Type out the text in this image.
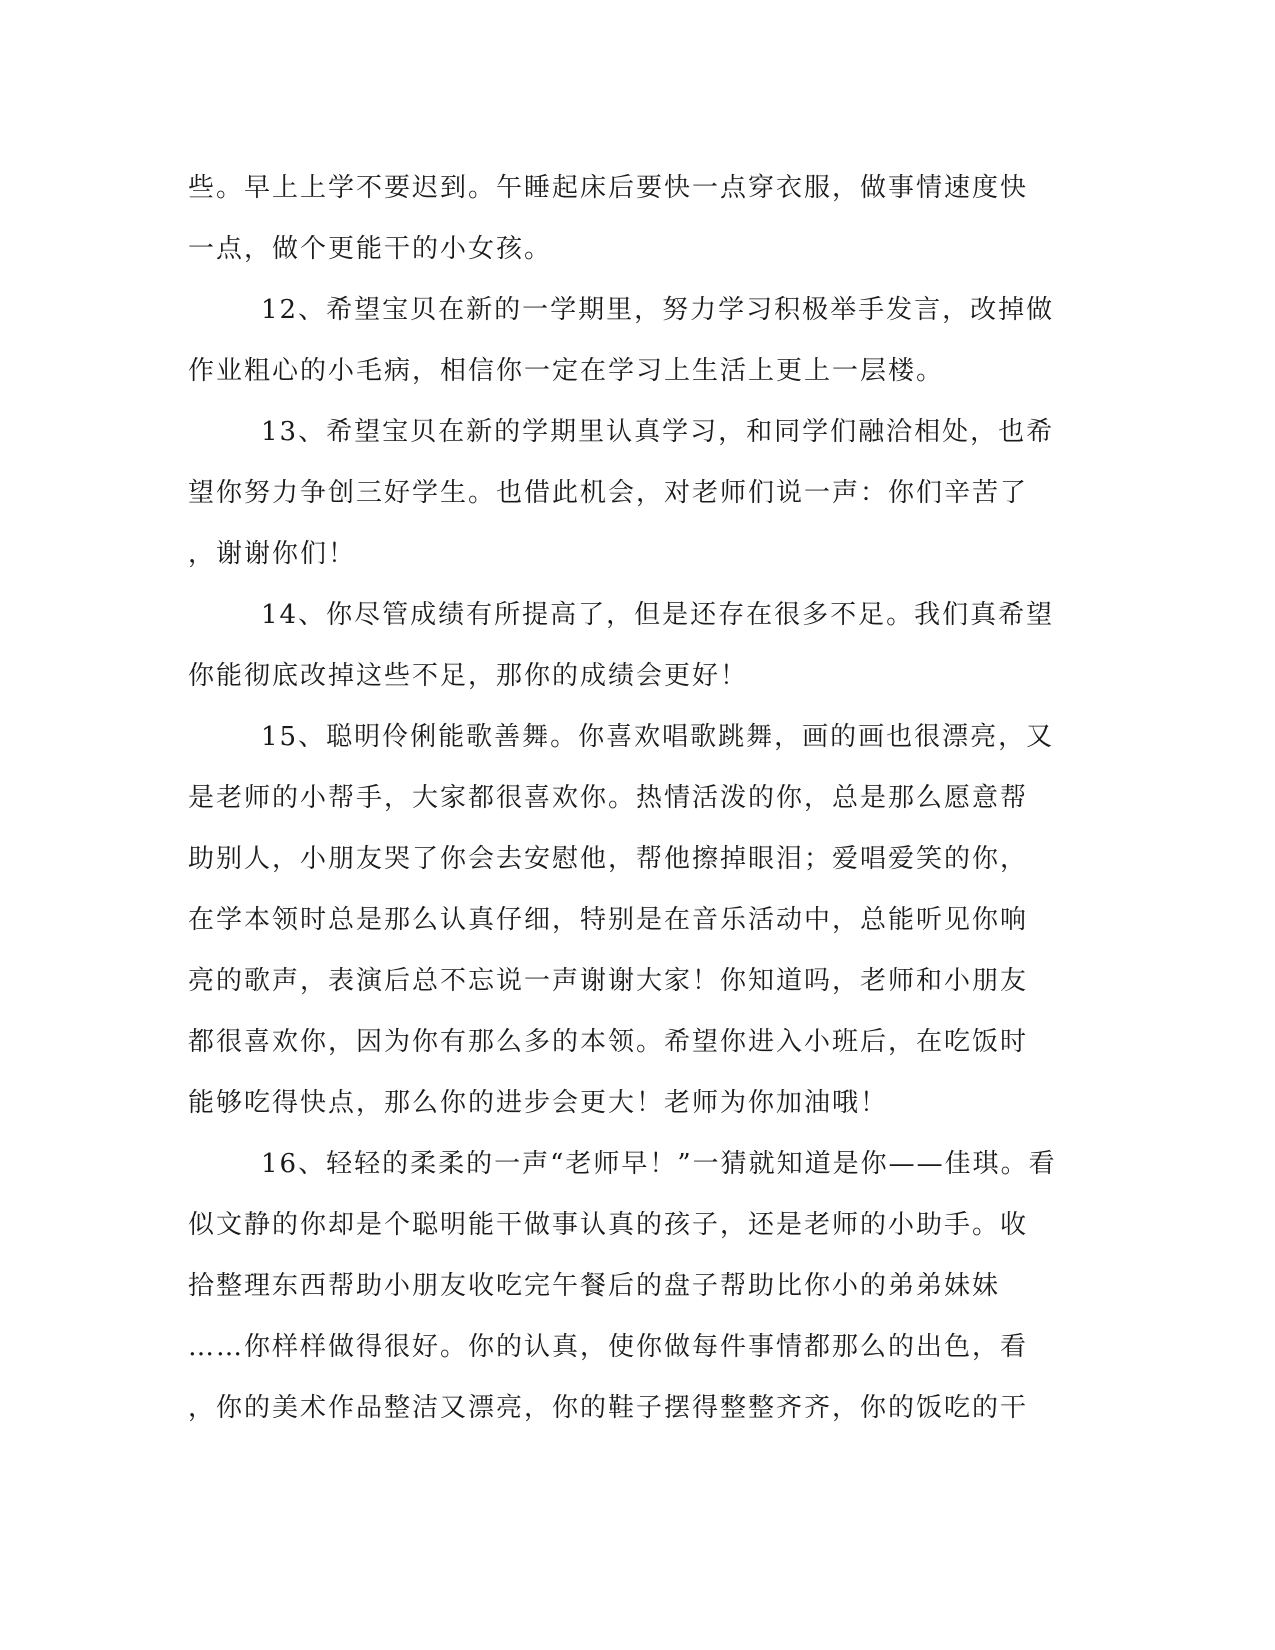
些。早上上学不要迟到。午睡起床后要快一点穿衣服，做事情速度快
一点，做个更能干的小女孩。
12、希望宝贝在新的一学期里，努力学习积极举手发言，改掉做
作业粗心的小毛病，相信你一定在学习上生活上更上一层楼。
13、希望宝贝在新的学期里认真学习，和同学们融洽相处，也希
望你努力争创三好学生。也借此机会，对老师们说一声：你们辛苦了
，谢谢你们！
14、你尽管成绩有所提高了，但是还存在很多不足。我们真希望
你能彻底改掉这些不足，那你的成绩会更好！
15、聪明伶俐能歌善舞。你喜欢唱歌跳舞，画的画也很漂亮，又
是老师的小帮手，大家都很喜欢你。热情活泼的你，总是那么愿意帮
助别人，小朋友哭了你会去安慰他，帮他擦掉眼泪；爱唱爱笑的你，
在学本领时总是那么认真仔细，特别是在音乐活动中，总能听见你响
亮的歌声，表演后总不忘说一声谢谢大家！你知道吗，老师和小朋友
都很喜欢你，因为你有那么多的本领。希望你进入小班后，在吃饭时
能够吃得快点，那么你的进步会更大！老师为你加油哦！
16、轻轻的柔柔的一声“老师早！”一猜就知道是你——佳琪。看
似文静的你却是个聪明能干做事认真的孩子，还是老师的小助手。收
拾整理东西帮助小朋友收吃完午餐后的盘子帮助比你小的弟弟妹妹
……你样样做得很好。你的认真，使你做每件事情都那么的出色，看
，你的美术作品整洁又漂亮，你的鞋子摆得整整齐齐，你的饭吃的干
